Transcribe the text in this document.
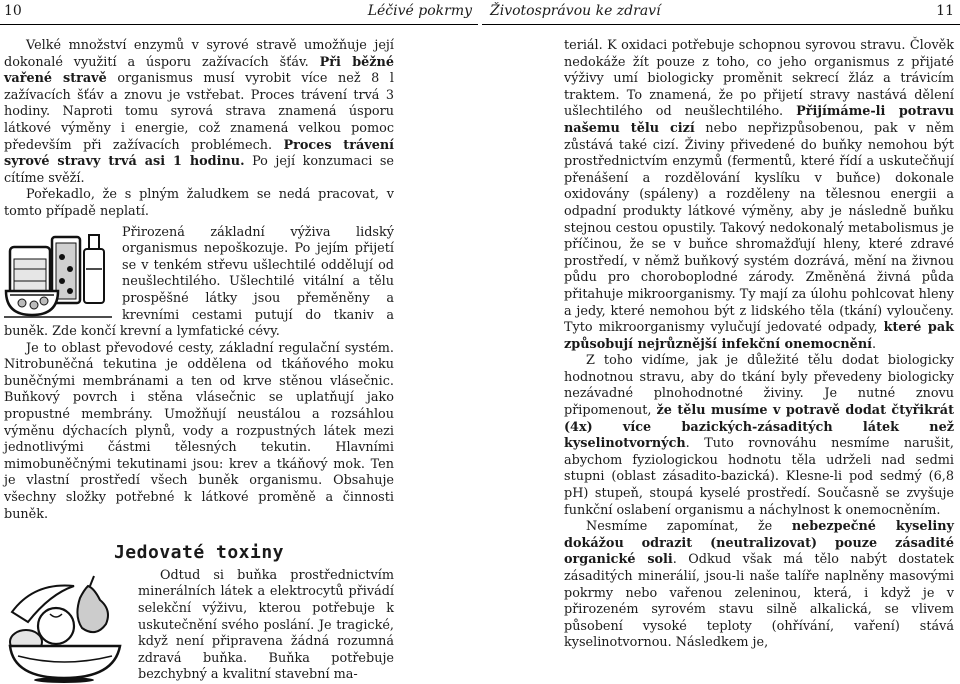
10	Léčivé pokrmy

Velké množství enzymů v syrové stravě umožňuje její dokonalé využití a úsporu zažívacích šťáv. Při běžné vařené stravě organismus musí vyrobit více než 8 l zažívacích šťáv a znovu je vstřebat. Proces trávení trvá 3 hodiny. Naproti tomu syrová strava znamená úsporu látkové výměny i energie, což znamená velkou pomoc především při zažívacích problémech. Proces trávení syrové stravy trvá asi 1 hodinu. Po její konzumaci se cítíme svěží.

Pořekadlo, že s plným žaludkem se nedá pracovat, v tomto případě neplatí.

Přirozená základní výživa lidský organismus nepoškozuje. Po jejím přijetí se v tenkém střevu ušlechtilé oddělují od neušlechtilého. Ušlechtilé vitální a tělu prospěšné látky jsou přeměněny a krevními cestami putují do tkaniv a buněk. Zde končí krevní a lymfatické cévy.

Je to oblast převodové cesty, základní regulační systém. Nitrobuněčná tekutina je oddělena od tkáňového moku buněčnými membránami a ten od krve stěnou vlásečnic. Buňkový povrch i stěna vlásečnic se uplatňují jako propustné membrány. Umožňují neustálou a rozsáhlou výměnu dýchacích plynů, vody a rozpustných látek mezi jednotlivými částmi tělesných tekutin. Hlavními mimobuněčnými tekutinami jsou: krev a tkáňový mok. Ten je vlastní prostředí všech buněk organismu. Obsahuje všechny složky potřebné k látkové proměně a činnosti buněk.

Jedovaté toxiny

Odtud si buňka prostřednictvím minerálních látek a elektrocytů přivádí selekční výživu, kterou potřebuje k uskutečnění svého poslání. Je tragické, když není připravena žádná rozumná zdravá buňka. Buňka potřebuje bezchybný a kvalitní stavební ma-

Životosprávou ke zdraví	11

teriál. K oxidaci potřebuje schopnou syrovou stravu. Člověk nedokáže žít pouze z toho, co jeho organismus z přijaté výživy umí biologicky proměnit sekrecí žláz a trávicím traktem. To znamená, že po přijetí stravy nastává dělení ušlechtilého od neušlechtilého. Přijímáme-li potravu našemu tělu cizí nebo nepřizpůsobenou, pak v něm zůstává také cizí. Živiny přivedené do buňky nemohou být prostřednictvím enzymů (fermentů, které řídí a uskutečňují přenášení a rozdělování kyslíku v buňce) dokonale oxidovány (spáleny) a rozděleny na tělesnou energii a odpadní produkty látkové výměny, aby je následně buňku stejnou cestou opustily. Takový nedokonalý metabolismus je příčinou, že se v buňce shromažďují hleny, které zdravé prostředí, v němž buňkový systém dozrává, mění na živnou půdu pro choroboplodné zárody. Změněná živná půda přitahuje mikroorganismy. Ty mají za úlohu pohlcovat hleny a jedy, které nemohou být z lidského těla (tkání) vyloučeny. Tyto mikroorganismy vylučují jedovaté odpady, které pak způsobují nejrůznější infekční onemocnění.

Z toho vidíme, jak je důležité tělu dodat biologicky hodnotnou stravu, aby do tkání byly převedeny biologicky nezávadné plnohodnotné živiny. Je nutné znovu připomenout, že tělu musíme v potravě dodat čtyřikrát (4x) více bazických-zásaditých látek než kyselinotvorných. Tuto rovnováhu nesmíme narušit, abychom fyziologickou hodnotu těla udrželi nad sedmi stupni (oblast zásadito-bazická). Klesne-li pod sedmý (6,8 pH) stupeň, stoupá kyselé prostředí. Současně se zvyšuje funkční oslabení organismu a náchylnost k onemocněním.

Nesmíme zapomínat, že nebezpečné kyseliny dokážou odrazit (neutralizovat) pouze zásadité organické soli. Odkud však má tělo nabýt dostatek zásaditých minerálií, jsou-li naše talíře naplněny masovými pokrmy nebo vařenou zeleninou, která, i když je v přirozeném syrovém stavu silně alkalická, se vlivem působení vysoké teploty (ohřívání, vaření) stává kyselinotvornou. Následkem je,
